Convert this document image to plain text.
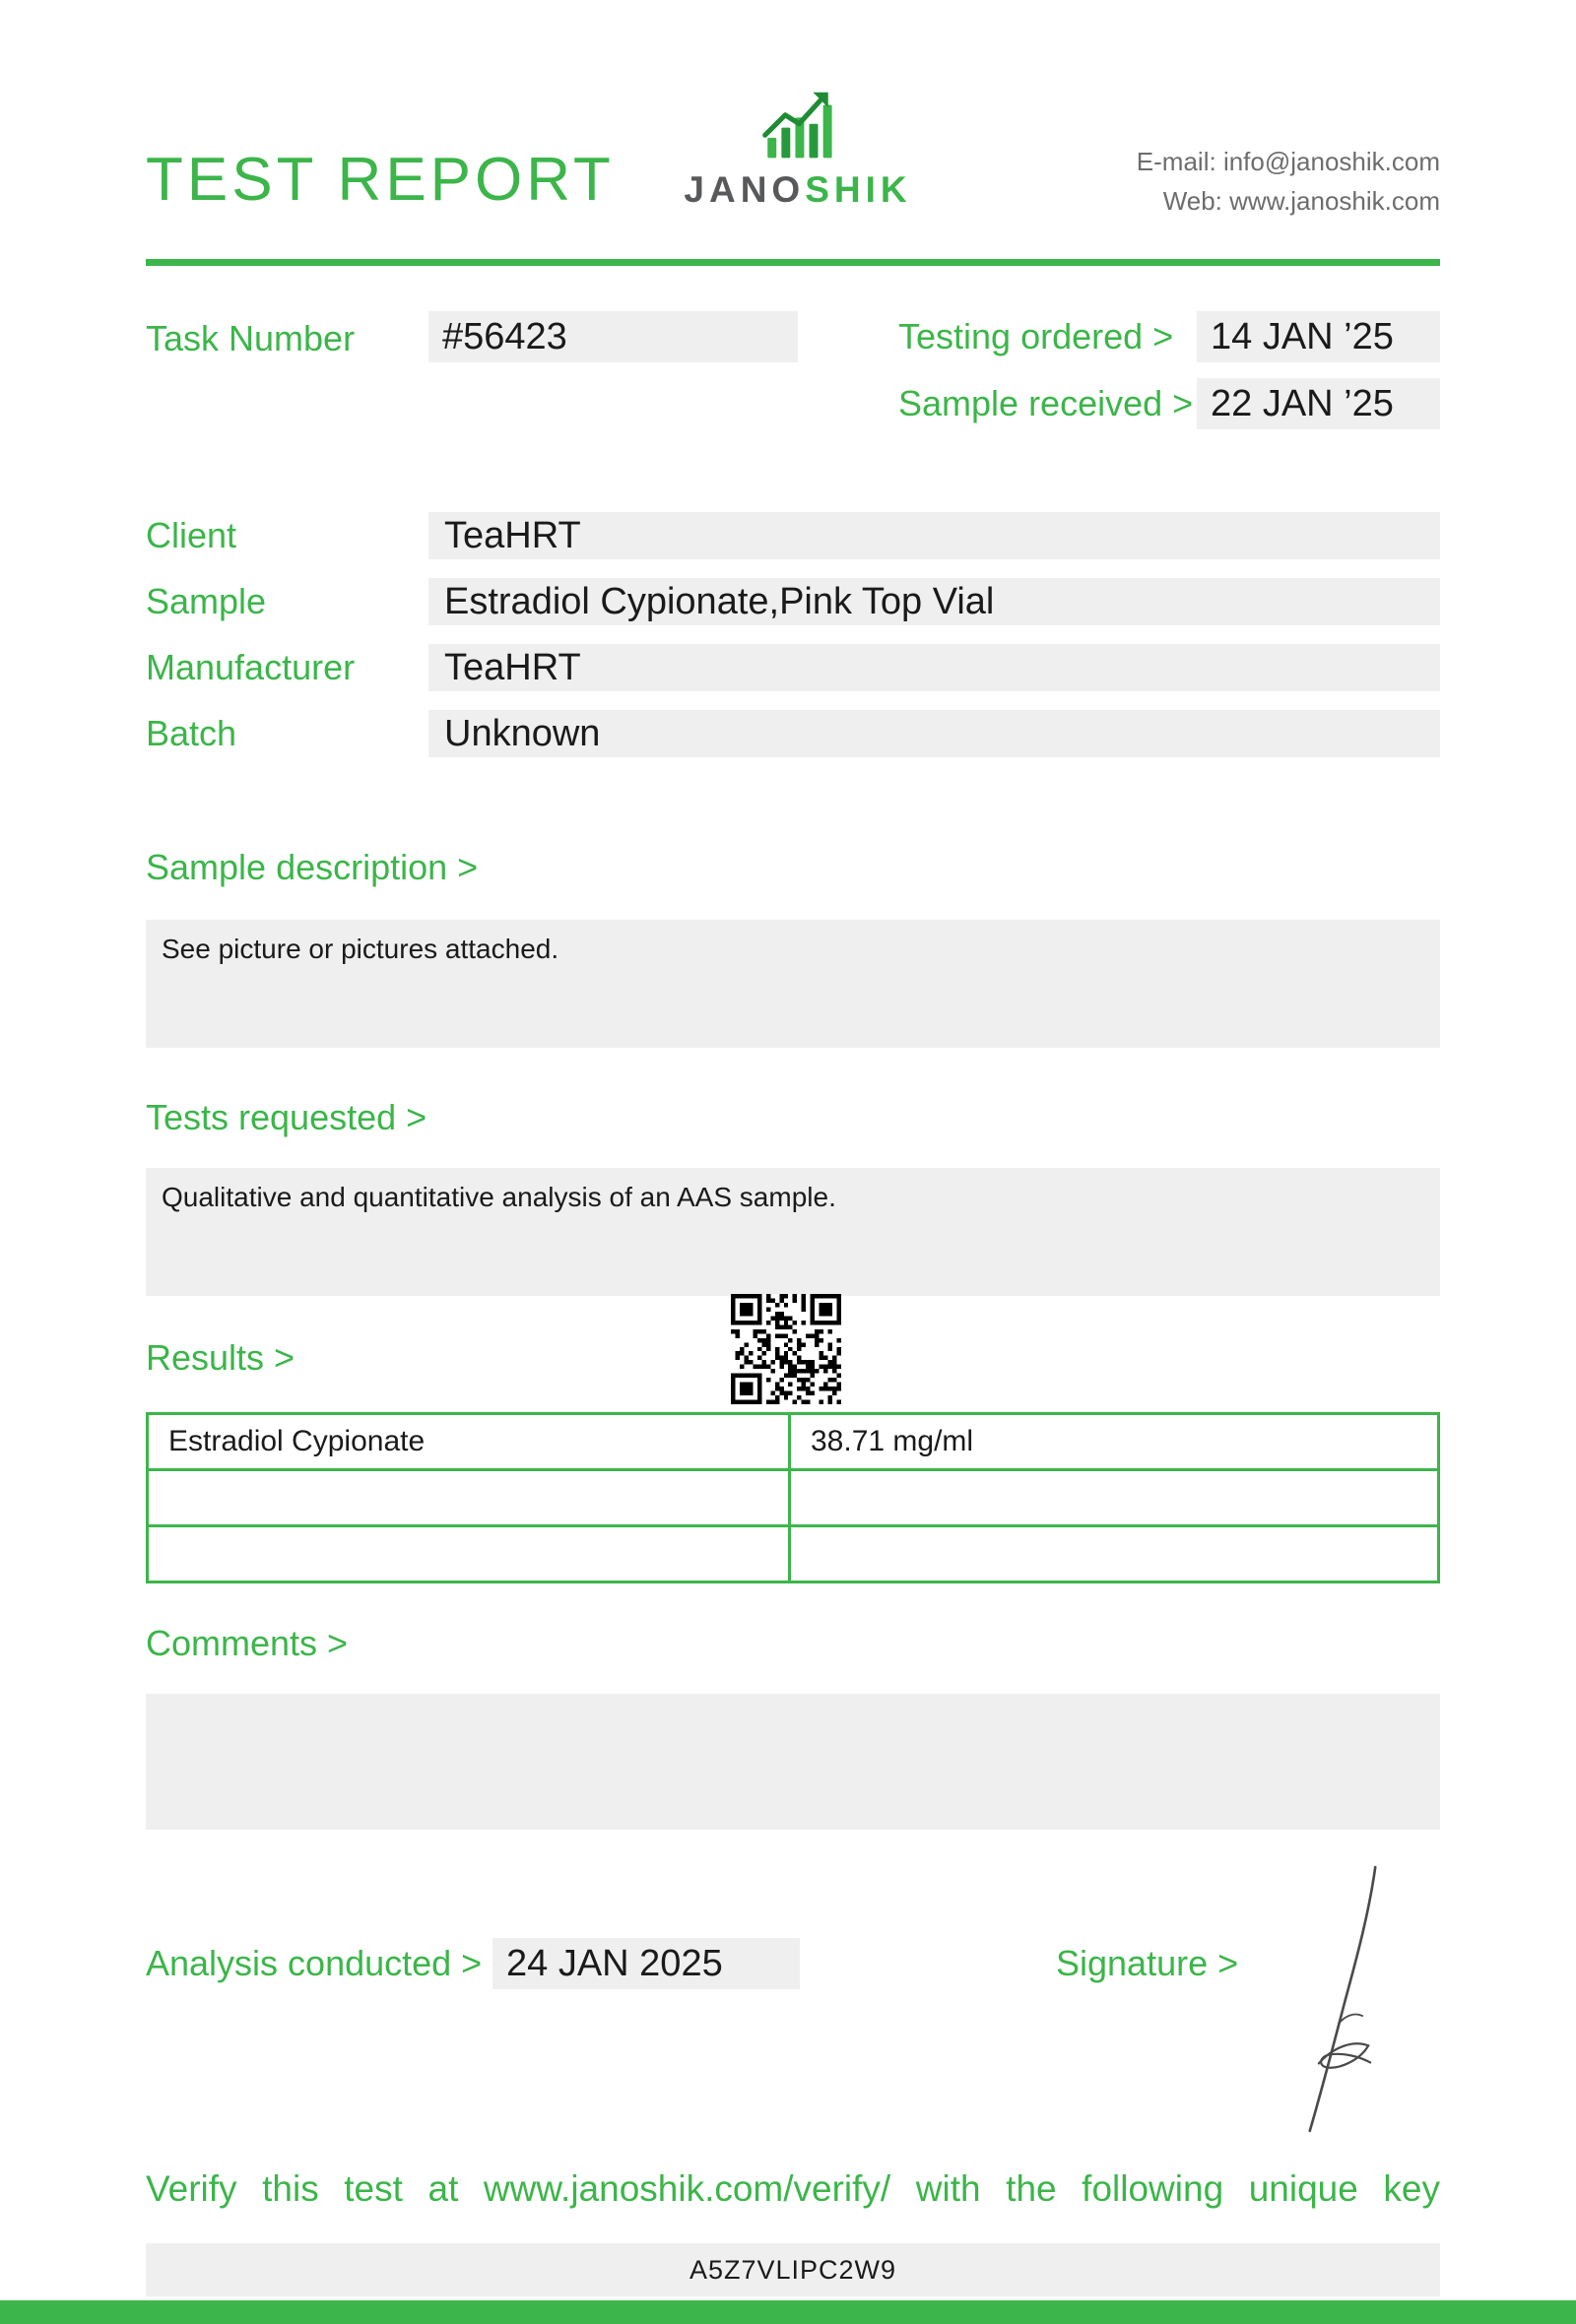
TEST REPORT JANOSHIK
E-mail: info@janoshik.com
Web: www.janoshik.com
Task Number	#56423	Testing ordered > 14 JAN ’25
Sample received > 22 JAN ’25
Client	TeaHRT
Sample	Estradiol Cypionate,Pink Top Vial
Manufacturer	TeaHRT
Batch	Unknown
Sample description >
See picture or pictures attached.
Tests requested >
Qualitative and quantitative analysis of an AAS sample.
Results >
Estradiol Cypionate	38.71 mg/ml

Comments >
Analysis conducted > 24 JAN 2025	Signature >
Verify this test at www.janoshik.com/verify/ with the following unique key
A5Z7VLIPC2W9
